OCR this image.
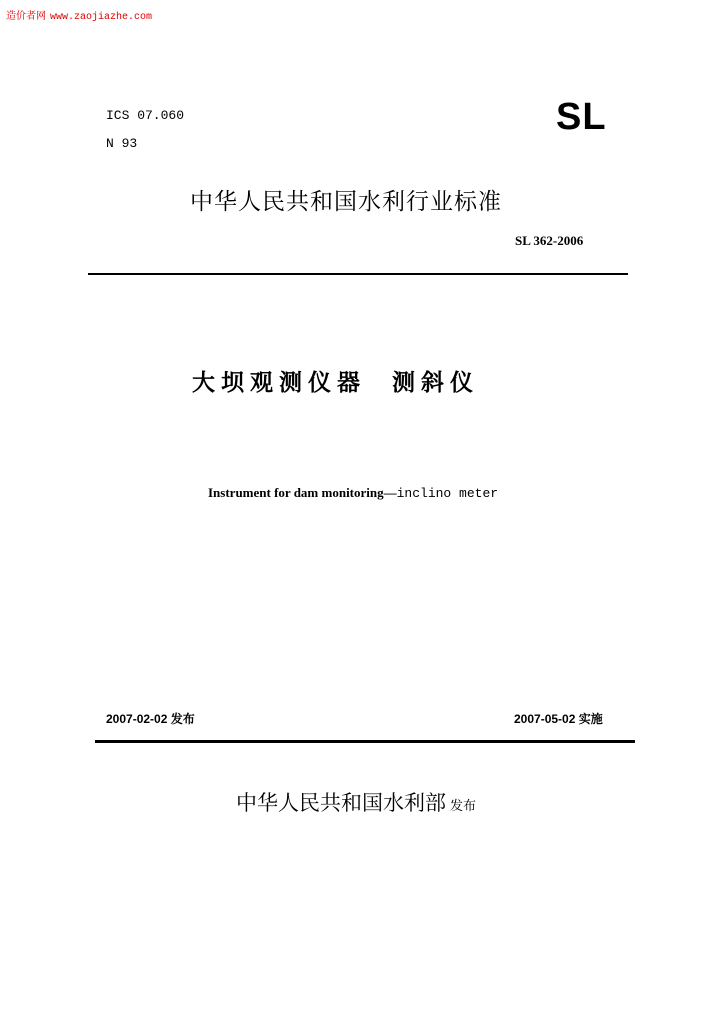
造价者网 www.zaojiazhe.com
ICS 07.060
N 93
SL
中华人民共和国水利行业标准
SL 362-2006
大坝观测仪器 测斜仪
Instrument for dam monitoring—inclino meter
2007-02-02 发布	2007-05-02 实施
中华人民共和国水利部 发布
